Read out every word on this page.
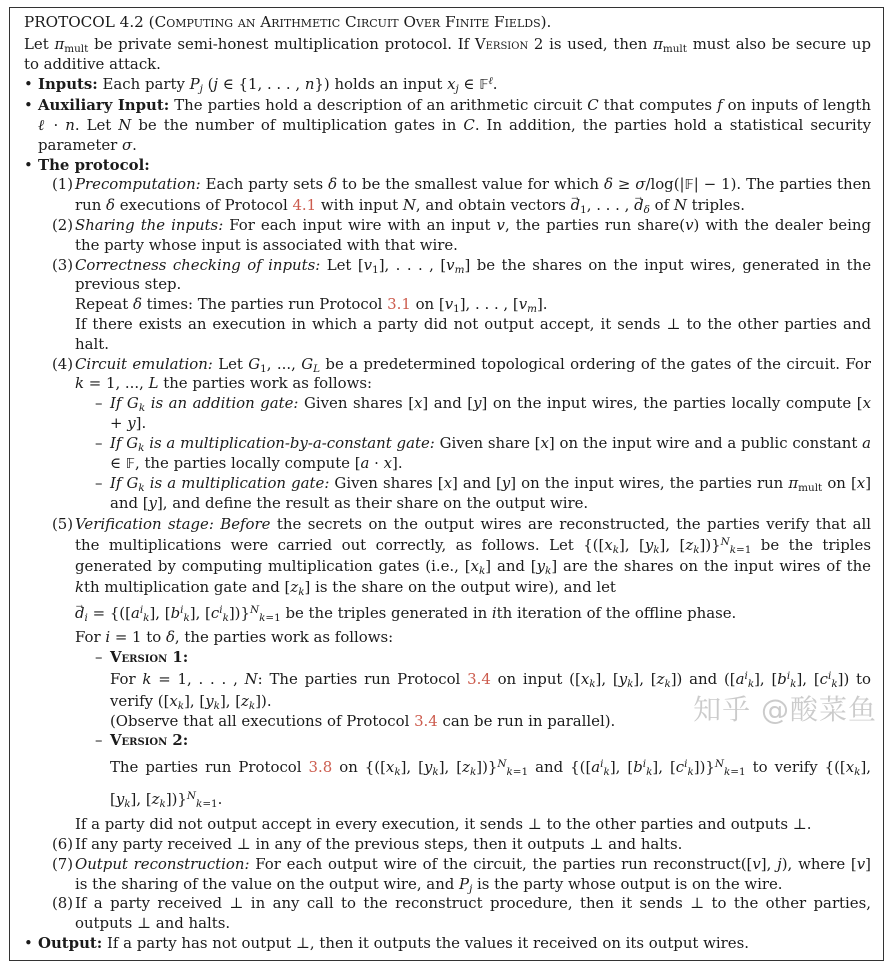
PROTOCOL 4.2 (Computing an Arithmetic Circuit Over Finite Fields).
Let $\pi_{mult}$ be private semi-honest multiplication protocol. If Version 2 is used, then $\pi_{mult}$ must also be secure up to additive attack.
• Inputs: Each party Pj (j ∈ {1, . . . , n}) holds an input xj ∈ 𝔽$^\ell$.
• Auxiliary Input: The parties hold a description of an arithmetic circuit C that computes f on inputs of length ℓ · n. Let N be the number of multiplication gates in C. In addition, the parties hold a statistical security parameter σ.
• The protocol:
(1) Precomputation: Each party sets δ to be the smallest value for which δ ≥ σ/log(|𝔽| − 1). The parties then run δ executions of Protocol 4.1 with input N, and obtain vectors → $d_1$, . . . , → dδ of N triples.
(2) Sharing the inputs: For each input wire with an input v, the parties run share(v) with the dealer being the party whose input is associated with that wire.
(3) Correctness checking of inputs: Let $[v_1]$, . . . , [vm] be the shares on the input wires, generated in the previous step.
Repeat δ times: The parties run Protocol 3.1 on $[v_1]$, . . . , [vm].
If there exists an execution in which a party did not output accept, it sends ⊥ to the other parties and halt.
(4) Circuit emulation: Let $G_1$, ..., GL be a predetermined topological ordering of the gates of the circuit. For k = 1, ..., L the parties work as follows:
– If Gk is an addition gate: Given shares [x] and [y] on the input wires, the parties locally compute [x + y].
– If Gk is a multiplication-by-a-constant gate: Given share [x] on the input wire and a public constant a ∈ 𝔽, the parties locally compute [a · x].
– If Gk is a multiplication gate: Given shares [x] and [y] on the input wires, the parties run $\pi_{mult}$ on [x] and [y], and define the result as their share on the output wire.
(5) Verification stage: Before the secrets on the output wires are reconstructed, the parties verify that all the multiplications were carried out correctly, as follows. Let {([xk], [yk], $[zk])\}^Nk_{=1}$ be the triples generated by computing multiplication gates (i.e., [xk] and [yk] are the shares on the input wires of the kth multiplication gate and [zk] is the share on the output wire), and let
→ di = {($[a^ik]$, $[b^ik]$, $[c^ik])\}^Nk_{=1}$ be the triples generated in ith iteration of the offline phase.
For i = 1 to δ, the parties work as follows:
– Version 1:
For k = 1, . . . , N: The parties run Protocol 3.4 on input ([xk], [yk], [zk]) and ($[a^ik]$, $[b^ik]$, $[c^ik]$) to verify ([xk], [yk], [zk]).
(Observe that all executions of Protocol 3.4 can be run in parallel).
– Version 2:
The parties run Protocol 3.8 on {([xk], [yk], $[zk])\}^Nk_{=1}$ and {($[a^ik]$, $[b^ik]$, $[c^ik])\}^Nk_{=1}$ to verify {([xk], [yk], $[zk])\}^Nk_{=1}$.
If a party did not output accept in every execution, it sends ⊥ to the other parties and outputs ⊥.
(6) If any party received ⊥ in any of the previous steps, then it outputs ⊥ and halts.
(7) Output reconstruction: For each output wire of the circuit, the parties run reconstruct([v], j), where [v] is the sharing of the value on the output wire, and Pj is the party whose output is on the wire.
(8) If a party received ⊥ in any call to the reconstruct procedure, then it sends ⊥ to the other parties, outputs ⊥ and halts.
• Output: If a party has not output ⊥, then it outputs the values it received on its output wires.
知乎 @酸菜鱼
